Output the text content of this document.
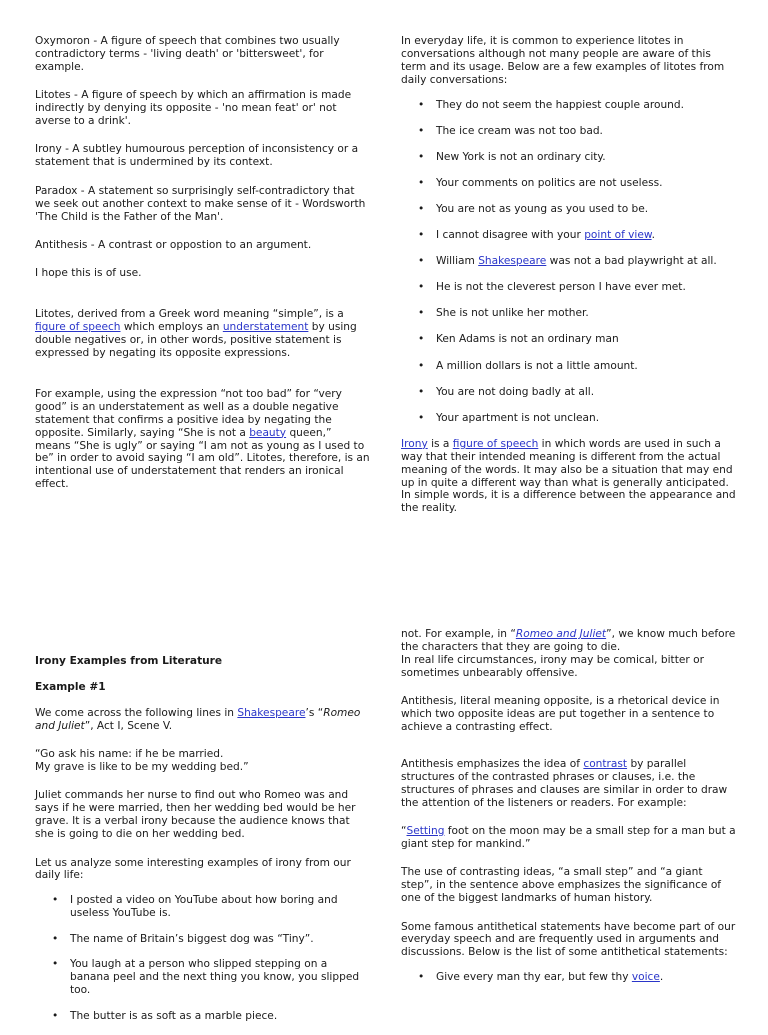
Oxymoron - A figure of speech that combines two usually contradictory terms - 'living death' or 'bittersweet', for example.

Litotes - A figure of speech by which an affirmation is made indirectly by denying its opposite - 'no mean feat' or' not averse to a drink'.

Irony - A subtley humourous perception of inconsistency or a statement that is undermined by its context.

Paradox - A statement so surprisingly self-contradictory that we seek out another context to make sense of it - Wordsworth 'The Child is the Father of the Man'.

Antithesis - A contrast or oppostion to an argument.

I hope this is of use.

Litotes, derived from a Greek word meaning “simple”, is a figure of speech which employs an understatement by using double negatives or, in other words, positive statement is expressed by negating its opposite expressions.

For example, using the expression “not too bad” for “very good” is an understatement as well as a double negative statement that confirms a positive idea by negating the opposite. Similarly, saying “She is not a beauty queen,” means “She is ugly” or saying “I am not as young as I used to be” in order to avoid saying “I am old”. Litotes, therefore, is an intentional use of understatement that renders an ironical effect.

In everyday life, it is common to experience litotes in conversations although not many people are aware of this term and its usage. Below are a few examples of litotes from daily conversations:

• They do not seem the happiest couple around.
• The ice cream was not too bad.
• New York is not an ordinary city.
• Your comments on politics are not useless.
• You are not as young as you used to be.
• I cannot disagree with your point of view.
• William Shakespeare was not a bad playwright at all.
• He is not the cleverest person I have ever met.
• She is not unlike her mother.
• Ken Adams is not an ordinary man
• A million dollars is not a little amount.
• You are not doing badly at all.
• Your apartment is not unclean.

Irony is a figure of speech in which words are used in such a way that their intended meaning is different from the actual meaning of the words. It may also be a situation that may end up in quite a different way than what is generally anticipated. In simple words, it is a difference between the appearance and the reality.

Irony Examples from Literature
Example #1

We come across the following lines in Shakespeare’s “Romeo and Juliet”, Act I, Scene V.

“Go ask his name: if he be married.
My grave is like to be my wedding bed.”

Juliet commands her nurse to find out who Romeo was and says if he were married, then her wedding bed would be her grave. It is a verbal irony because the audience knows that she is going to die on her wedding bed.

Let us analyze some interesting examples of irony from our daily life:

• I posted a video on YouTube about how boring and useless YouTube is.
• The name of Britain’s biggest dog was “Tiny”.
• You laugh at a person who slipped stepping on a banana peel and the next thing you know, you slipped too.
• The butter is as soft as a marble piece.

not. For example, in “Romeo and Juliet”, we know much before the characters that they are going to die.

In real life circumstances, irony may be comical, bitter or sometimes unbearably offensive.

Antithesis, literal meaning opposite, is a rhetorical device in which two opposite ideas are put together in a sentence to achieve a contrasting effect.

Antithesis emphasizes the idea of contrast by parallel structures of the contrasted phrases or clauses, i.e. the structures of phrases and clauses are similar in order to draw the attention of the listeners or readers. For example:

“Setting foot on the moon may be a small step for a man but a giant step for mankind.”

The use of contrasting ideas, “a small step” and “a giant step”, in the sentence above emphasizes the significance of one of the biggest landmarks of human history.

Some famous antithetical statements have become part of our everyday speech and are frequently used in arguments and discussions. Below is the list of some antithetical statements:

• Give every man thy ear, but few thy voice.
